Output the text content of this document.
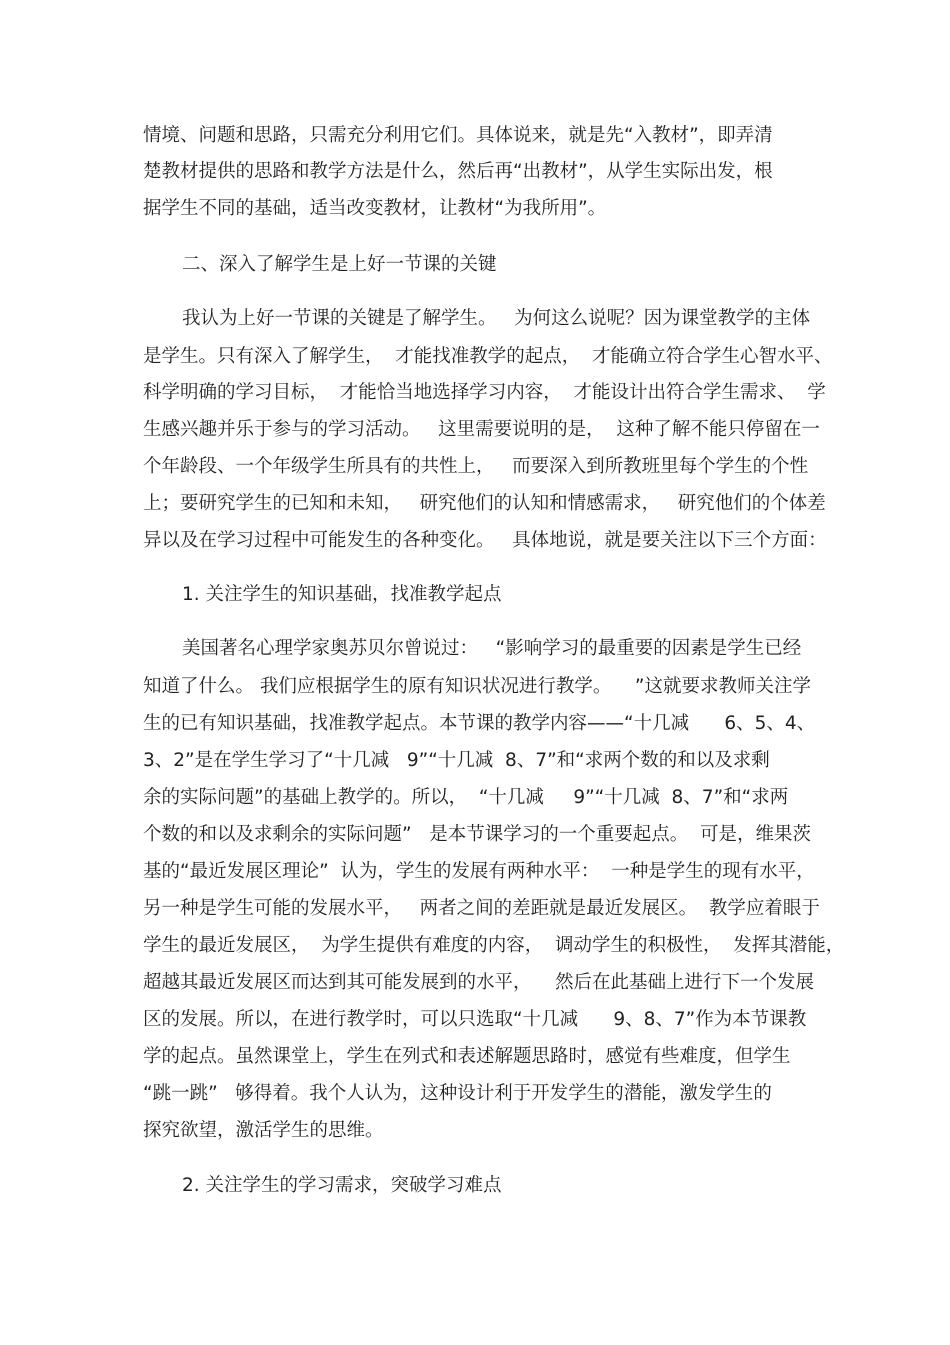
情境、问题和思路，只需充分利用它们。具体说来，就是先“入教材”，即弄清
楚教材提供的思路和教学方法是什么，然后再“出教材”，从学生实际出发，根
据学生不同的基础，适当改变教材，让教材“为我所用”。
二、深入了解学生是上好一节课的关键
我认为上好一节课的关键是了解学生。   为何这么说呢？因为课堂教学的主体
是学生。只有深入了解学生，  才能找准教学的起点，  才能确立符合学生心智水平、
科学明确的学习目标，  才能恰当地选择学习内容，  才能设计出符合学生需求、  学
生感兴趣并乐于参与的学习活动。   这里需要说明的是，  这种了解不能只停留在一
个年龄段、一个年级学生所具有的共性上，   而要深入到所教班里每个学生的个性
上；要研究学生的已知和未知，   研究他们的认知和情感需求，   研究他们的个体差
异以及在学习过程中可能发生的各种变化。   具体地说，就是要关注以下三个方面：
1. 关注学生的知识基础，找准教学起点
美国著名心理学家奥苏贝尔曾说过：   “影响学习的最重要的因素是学生已经
知道了什么。 我们应根据学生的原有知识状况进行教学。    ”这就要求教师关注学
生的已有知识基础，找准教学起点。本节课的教学内容——“十几减      6、5、4、
3、2”是在学生学习了“十几减   9”“十几减  8、7”和“求两个数的和以及求剩
余的实际问题”的基础上教学的。所以，  “十几减     9”“十几减  8、7”和“求两
个数的和以及求剩余的实际问题”   是本节课学习的一个重要起点。  可是，维果茨
基的“最近发展区理论”  认为，学生的发展有两种水平：  一种是学生的现有水平，
另一种是学生可能的发展水平，   两者之间的差距就是最近发展区。  教学应着眼于
学生的最近发展区，  为学生提供有难度的内容，  调动学生的积极性，  发挥其潜能，
超越其最近发展区而达到其可能发展到的水平，    然后在此基础上进行下一个发展
区的发展。所以，在进行教学时，可以只选取“十几减      9、8、7”作为本节课教
学的起点。虽然课堂上，学生在列式和表述解题思路时，感觉有些难度，但学生
“跳一跳”   够得着。我个人认为，这种设计利于开发学生的潜能，激发学生的
探究欲望，激活学生的思维。
2. 关注学生的学习需求，突破学习难点
